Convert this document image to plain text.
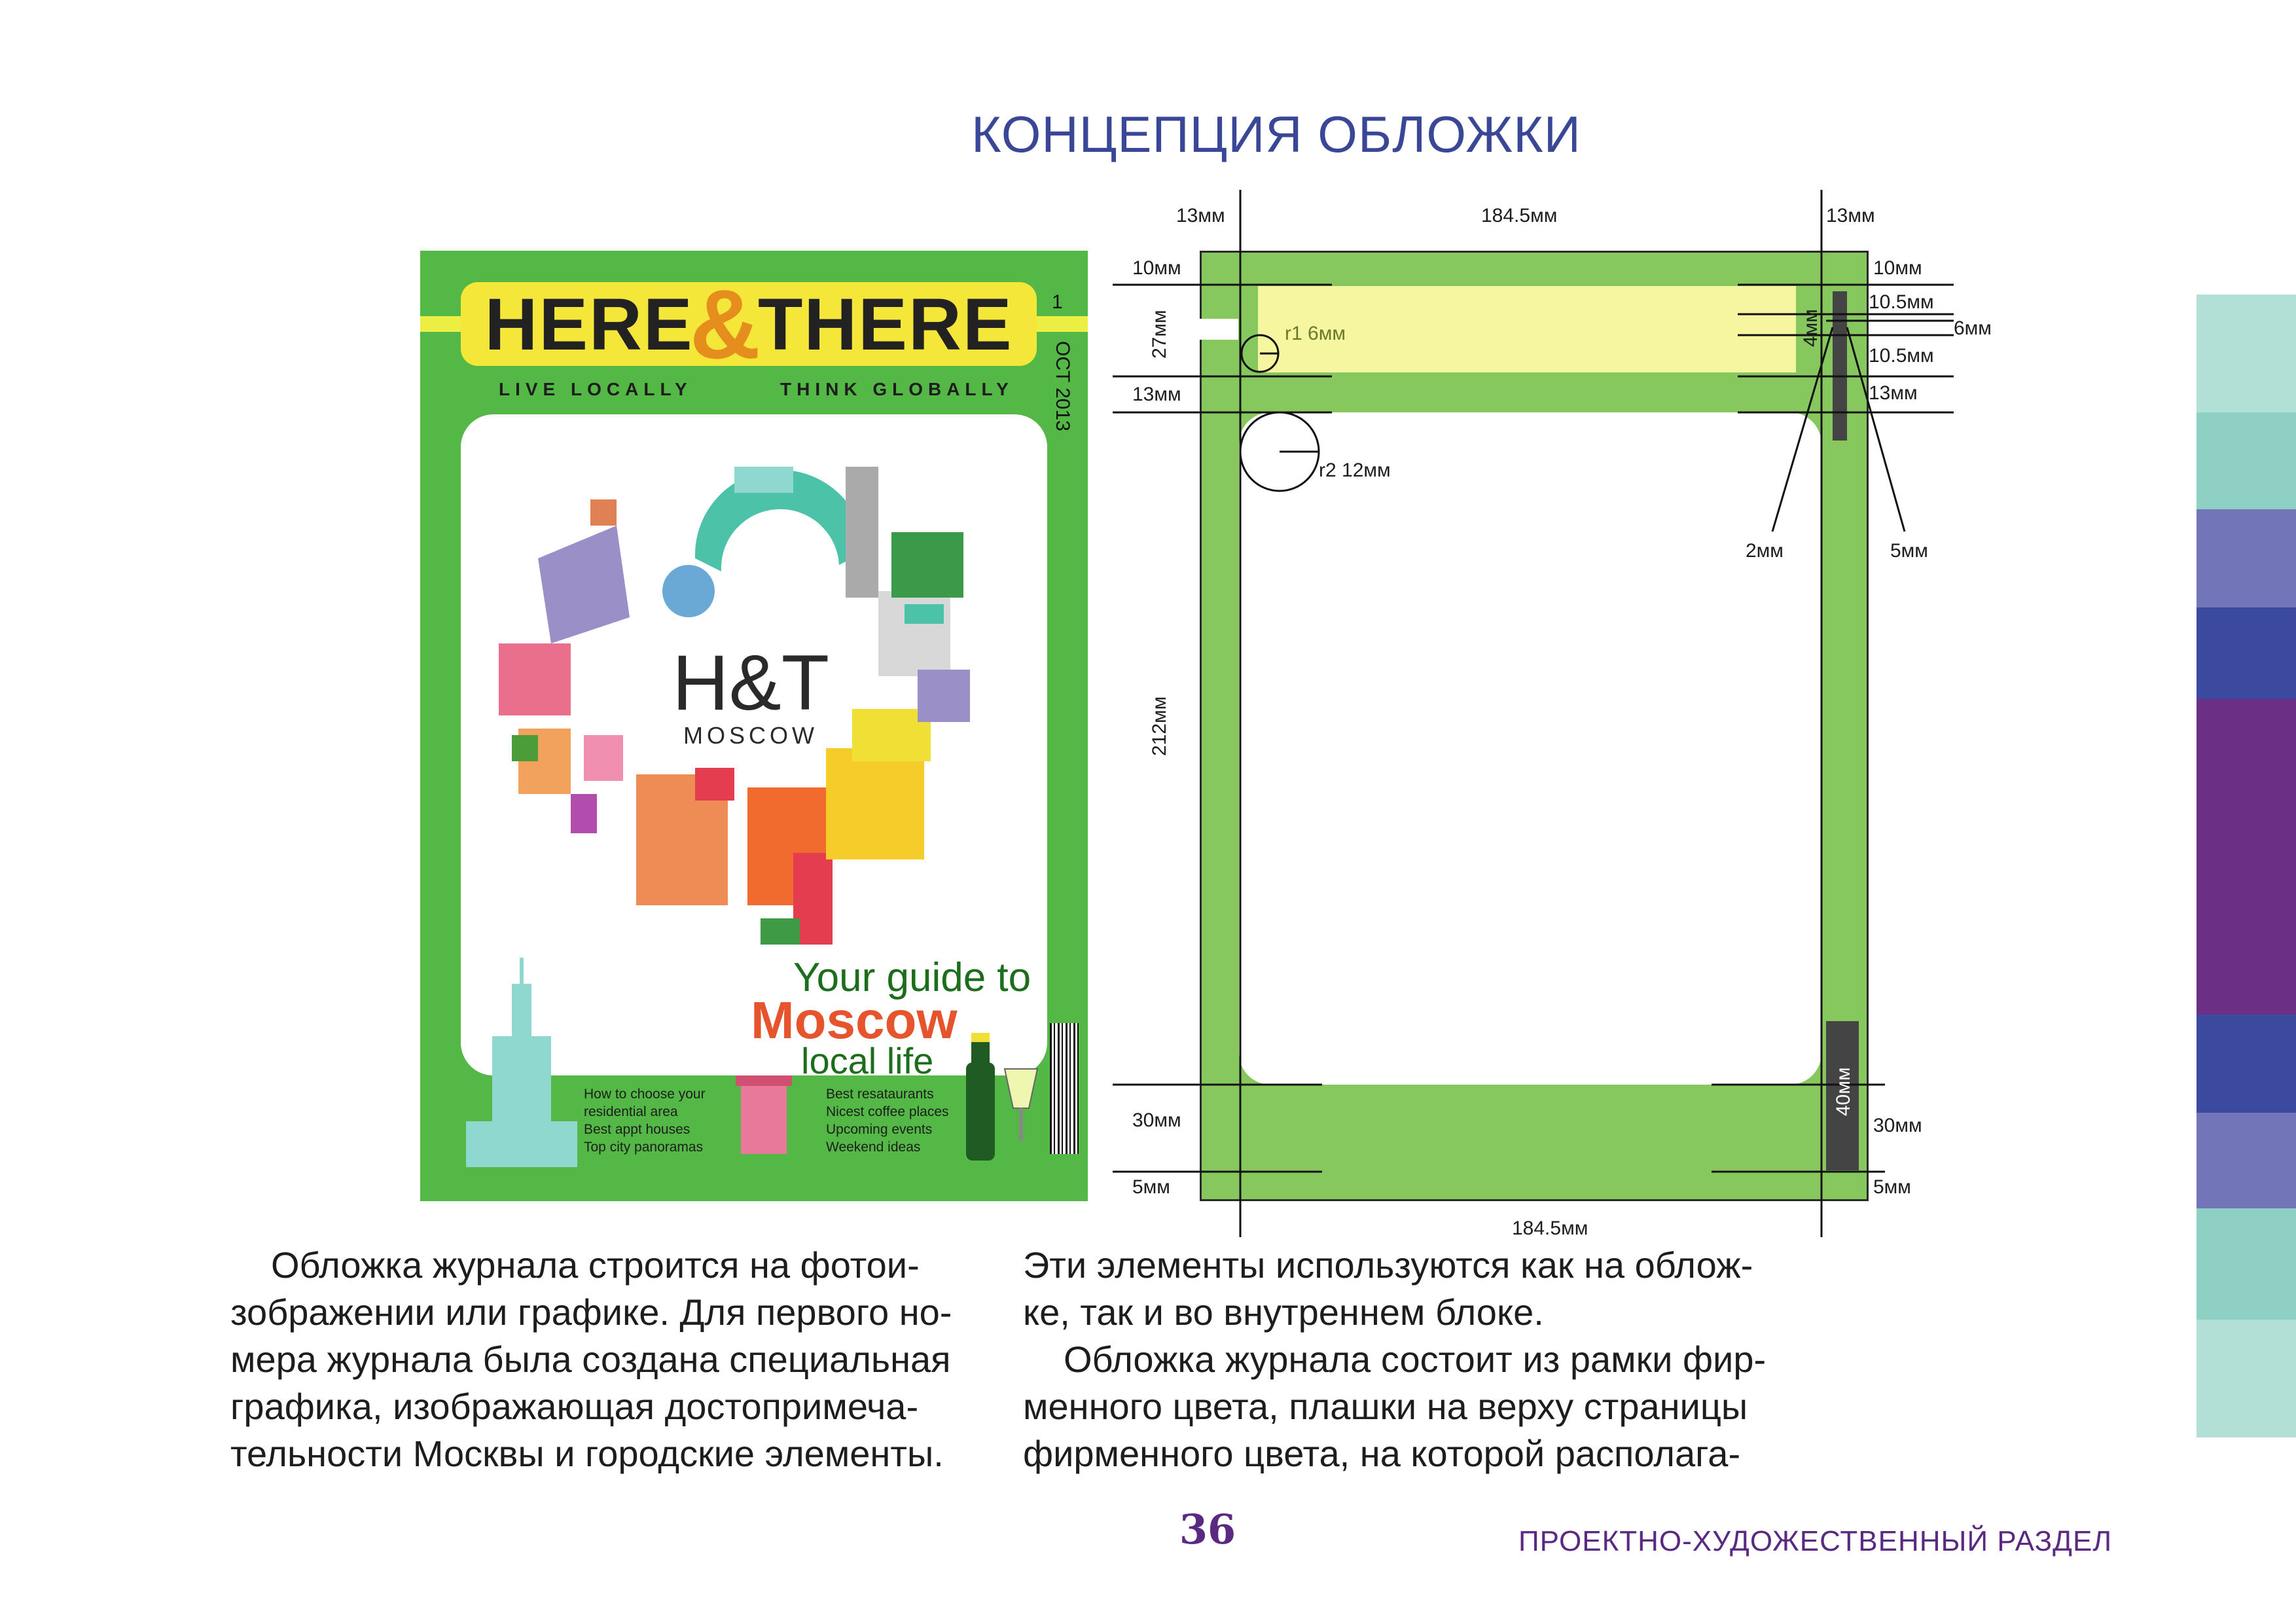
КОНЦЕПЦИЯ ОБЛОЖКИ
HERE
&
THERE 1
OCT 2013
LIVE LOCALLY	THINK GLOBALLY
H&T
MOSCOW
Your guide to
Moscow
local life
How to choose your
residential area
Best appt houses
Top city panoramas
Best resataurants
Nicest coffee places
Upcoming events
Weekend ideas
13мм	184.5мм	13мм
10мм
27мм
13мм
r1 6мм
r2 12мм
10мм
10.5мм
6мм
10.5мм
13мм
4мм
2мм	5мм
212мм
30мм
5мм
40мм
30мм
5мм
184.5мм
Обложка журнала строится на фотои-
зображении или графике. Для первого но-
мера журнала была создана специальная
графика, изображающая достопримеча-
тельности Москвы и городские элементы.
Эти элементы используются как на облож-
ке, так и во внутреннем блоке.
Обложка журнала состоит из рамки фир-
менного цвета, плашки на верху страницы
фирменного цвета, на которой располага-
36	ПРОЕКТНО-ХУДОЖЕСТВЕННЫЙ РАЗДЕЛ
